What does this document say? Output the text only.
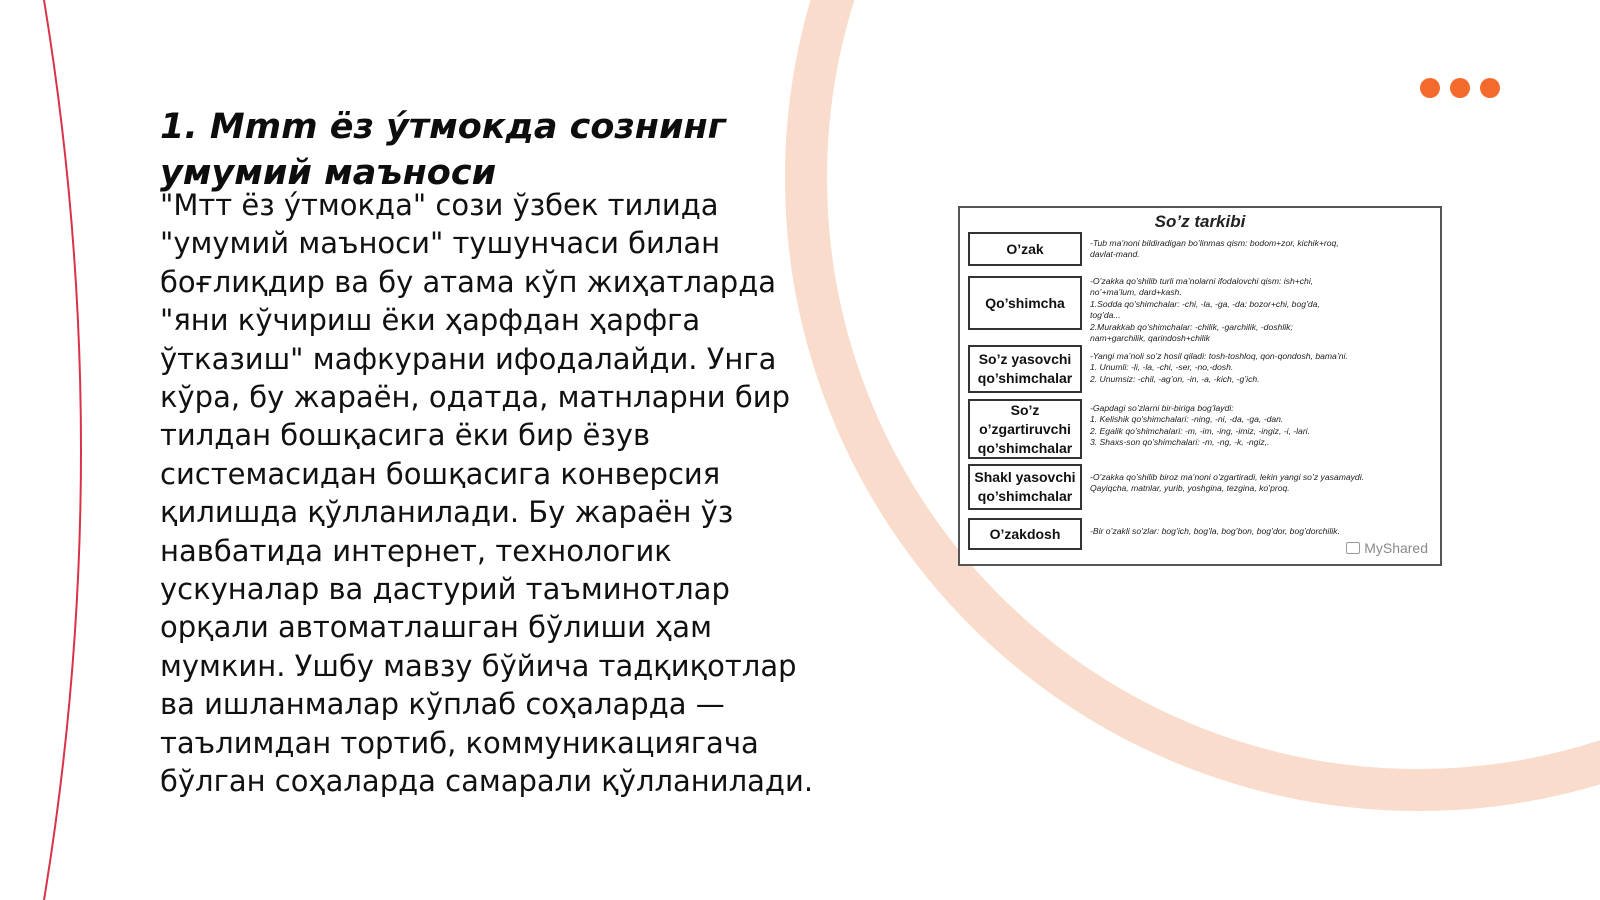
1. Mmm ёз ýтмокда сознинг умумий маъноси

"Мтт ёз ýтмокда" сози ўзбек тилида "умумий маъноси" тушунчаси билан боғлиқдир ва бу атама кўп жиҳатларда "яни кўчириш ёки ҳарфдан ҳарфга ўтказиш" мафкурани ифодалайди. Унга кўра, бу жараён, одатда, матнларни бир тилдан бошқасига ёки бир ёзув системасидан бошқасига конверсия қилишда қўлланилади. Бу жараён ўз навбатида интернет, технологик ускуналар ва дастурий таъминотлар орқали автоматлашган бўлиши ҳам мумкин. Ушбу мавзу бўйича тадқиқотлар ва ишланмалар кўплаб соҳаларда — таълимдан тортиб, коммуникациягача бўлган соҳаларда самарали қўлланилади.

So’z tarkibi
O’zak	-Tub ma’noni bildiradigan bo’linmas qism: bodom+zor, kichik+roq,
davlat-mand.
Qo’shimcha
-O’zakka qo’shilib turli ma’nolarni ifodalovchi qism: ish+chi,
no’+ma’lum, dard+kash.
1.Sodda qo’shimchalar: -chi, -la, -ga, -da: bozor+chi, bog’da,
tog’da...
2.Murakkab qo’shimchalar: -chilik, -garchilik, -doshlik;
nam+garchilik, qarindosh+chilik
So’z yasovchi qo’shimchalar
-Yangi ma’noli so’z hosil qiladi: tosh-toshloq, qon-qondosh, bama’ni.
1. Unumli: -li, -la, -chi, -ser, -no,-dosh.
2. Unumsiz: -chil, -ag’on, -in, -a, -kich, -g’ich.
So’z o’zgartiruvchi qo’shimchalar
-Gapdagi so’zlarni bir-biriga bog’laydi:
1. Kelishik qo’shimchalari: -ning, -ni, -da, -ga, -dan.
2. Egalik qo’shimchalari: -m, -im, -ing, -imiz, -ingiz, -i, -lari.
3. Shaxs-son qo’shimchalari: -m, -ng, -k, -ngiz,.
Shakl yasovchi qo’shimchalar
-O’zakka qo’shilib biroz ma’noni o’zgartiradi, lekin yangi so’z yasamaydi.
Qayiqcha, matnlar, yurib, yoshgina, tezgina, ko’proq.
O’zakdosh	-Bir o’zakli so’zlar: bog’ich, bog’la, bog’bon, bog’dor, bog’dorchilik.
MyShared
